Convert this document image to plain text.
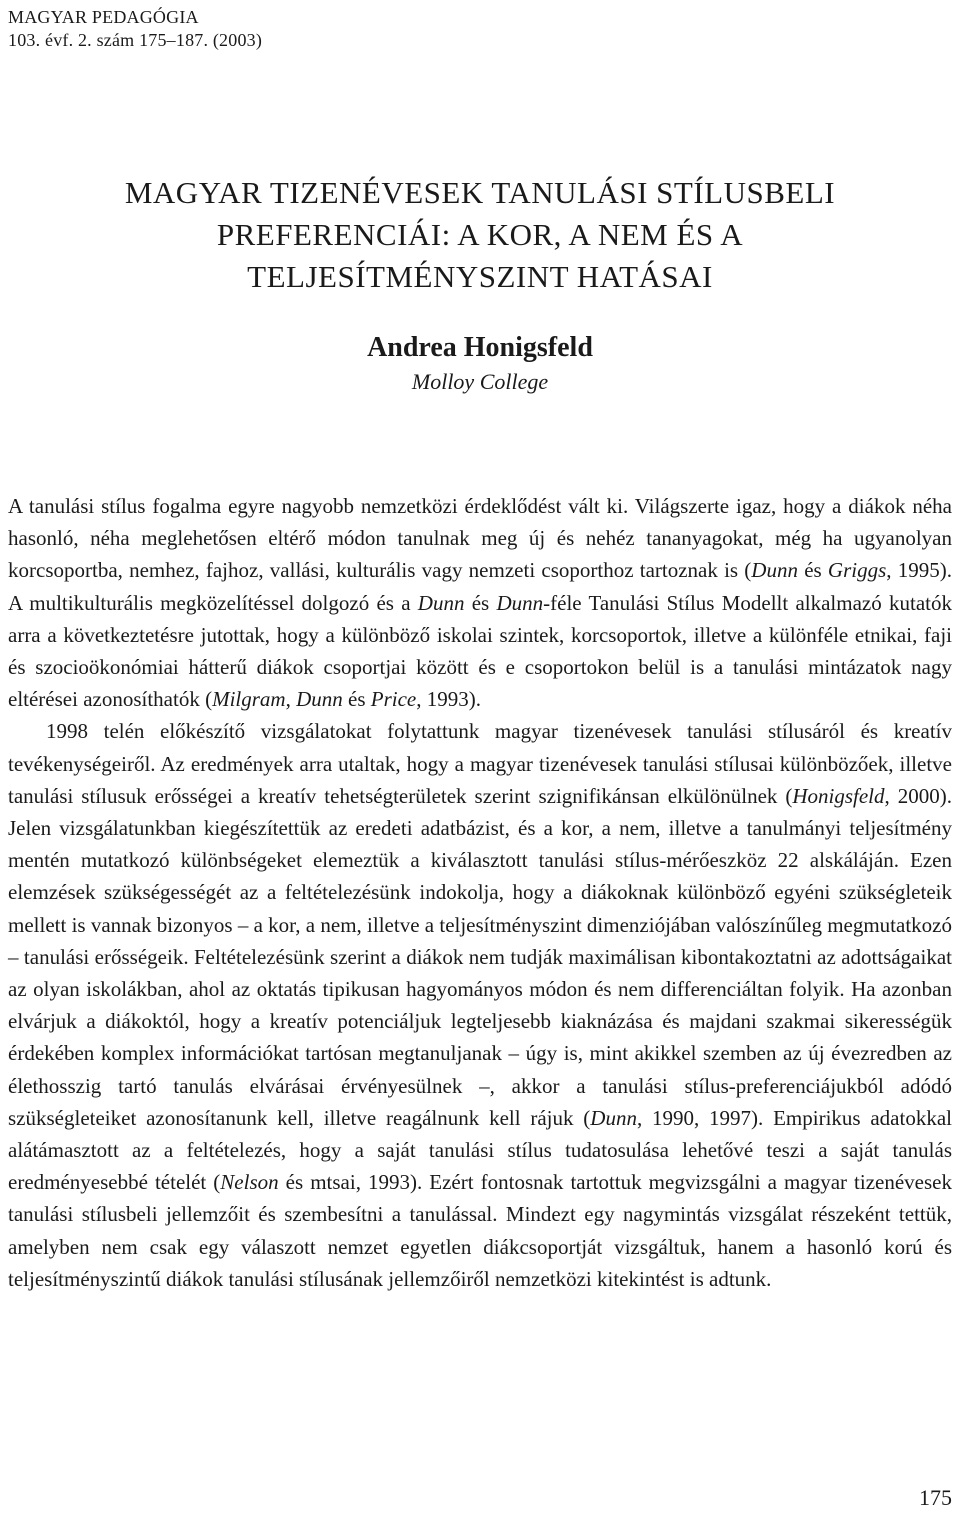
MAGYAR PEDAGÓGIA
103. évf. 2. szám 175–187. (2003)
MAGYAR TIZENÉVESEK TANULÁSI STÍLUSBELI
PREFERENCIÁI: A KOR, A NEM ÉS A
TELJESÍTMÉNYSZINT HATÁSAI
Andrea Honigsfeld
Molloy College

A tanulási stílus fogalma egyre nagyobb nemzetközi érdeklődést vált ki. Világszerte igaz, hogy a diákok néha hasonló, néha meglehetősen eltérő módon tanulnak meg új és nehéz tananyagokat, még ha ugyanolyan korcsoportba, nemhez, fajhoz, vallási, kulturális vagy nemzeti csoporthoz tartoznak is (Dunn és Griggs, 1995). A multikulturális megközelítéssel dolgozó és a Dunn és Dunn-féle Tanulási Stílus Modellt alkalmazó kutatók arra a következtetésre jutottak, hogy a különböző iskolai szintek, korcsoportok, illetve a különféle etnikai, faji és szocioökonómiai hátterű diákok csoportjai között és e csoportokon belül is a tanulási mintázatok nagy eltérései azonosíthatók (Milgram, Dunn és Price, 1993).

1998 telén előkészítő vizsgálatokat folytattunk magyar tizenévesek tanulási stílusáról és kreatív tevékenységeiről. Az eredmények arra utaltak, hogy a magyar tizenévesek tanulási stílusai különbözőek, illetve tanulási stílusuk erősségei a kreatív tehetségterületek szerint szignifikánsan elkülönülnek (Honigsfeld, 2000). Jelen vizsgálatunkban kiegészítettük az eredeti adatbázist, és a kor, a nem, illetve a tanulmányi teljesítmény mentén mutatkozó különbségeket elemeztük a kiválasztott tanulási stílus-mérőeszköz 22 alskáláján. Ezen elemzések szükségességét az a feltételezésünk indokolja, hogy a diákoknak különböző egyéni szükségleteik mellett is vannak bizonyos – a kor, a nem, illetve a teljesítményszint dimenziójában valószínűleg megmutatkozó – tanulási erősségeik. Feltételezésünk szerint a diákok nem tudják maximálisan kibontakoztatni az adottságaikat az olyan iskolákban, ahol az oktatás tipikusan hagyományos módon és nem differenciáltan folyik. Ha azonban elvárjuk a diákoktól, hogy a kreatív potenciáljuk legteljesebb kiaknázása és majdani szakmai sikerességük érdekében komplex információkat tartósan megtanuljanak – úgy is, mint akikkel szemben az új évezredben az élethosszig tartó tanulás elvárásai érvényesülnek –, akkor a tanulási stílus-preferenciájukból adódó szükségleteiket azonosítanunk kell, illetve reagálnunk kell rájuk (Dunn, 1990, 1997). Empirikus adatokkal alátámasztott az a feltételezés, hogy a saját tanulási stílus tudatosulása lehetővé teszi a saját tanulás eredményesebbé tételét (Nelson és mtsai, 1993). Ezért fontosnak tartottuk megvizsgálni a magyar tizenévesek tanulási stílusbeli jellemzőit és szembesítni a tanulással. Mindezt egy nagymintás vizsgálat részeként tettük, amelyben nem csak egy válaszott nemzet egyetlen diákcsoportját vizsgáltuk, hanem a hasonló korú és teljesítményszintű diákok tanulási stílusának jellemzőiről nemzetközi kitekintést is adtunk.

175
